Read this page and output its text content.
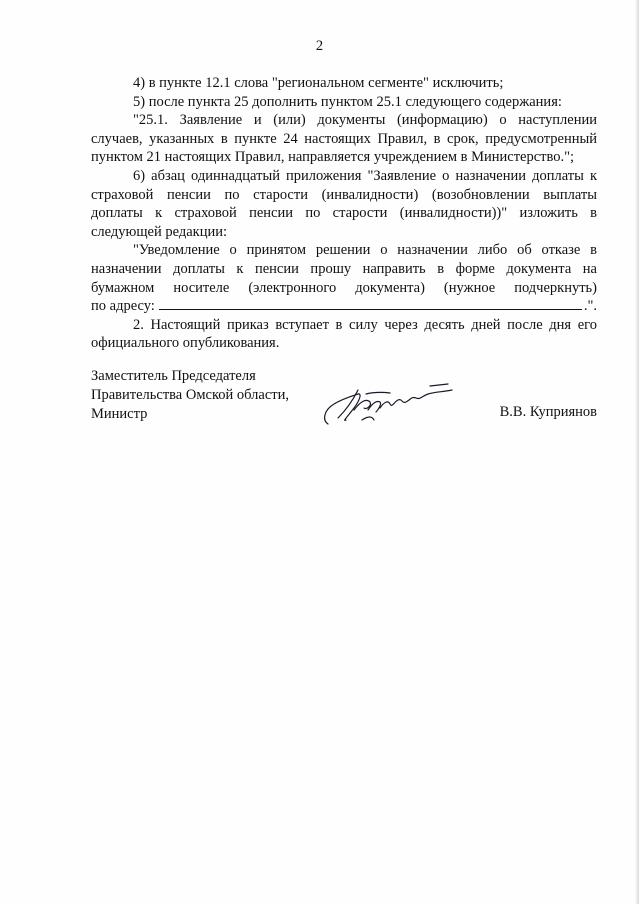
2

4) в пункте 12.1 слова "региональном сегменте" исключить;

5) после пункта 25 дополнить пунктом 25.1 следующего содержания:

"25.1. Заявление и (или) документы (информацию) о наступлении

случаев, указанных в пункте 24 настоящих Правил, в срок, предусмотренный

пунктом 21 настоящих Правил, направляется учреждением в Министерство.";

6) абзац одиннадцатый приложения "Заявление о назначении доплаты к

страховой пенсии по старости (инвалидности) (возобновлении выплаты

доплаты к страховой пенсии по старости (инвалидности))" изложить в

следующей редакции:

"Уведомление о принятом решении о назначении либо об отказе в

назначении доплаты к пенсии прошу направить в форме документа на

бумажном носителе (электронного документа) (нужное подчеркнуть)

по адресу:	.".

2. Настоящий приказ вступает в силу через десять дней после дня его

официального опубликования.

Заместитель Председателя
Правительства Омской области,
Министр	В.В. Куприянов
